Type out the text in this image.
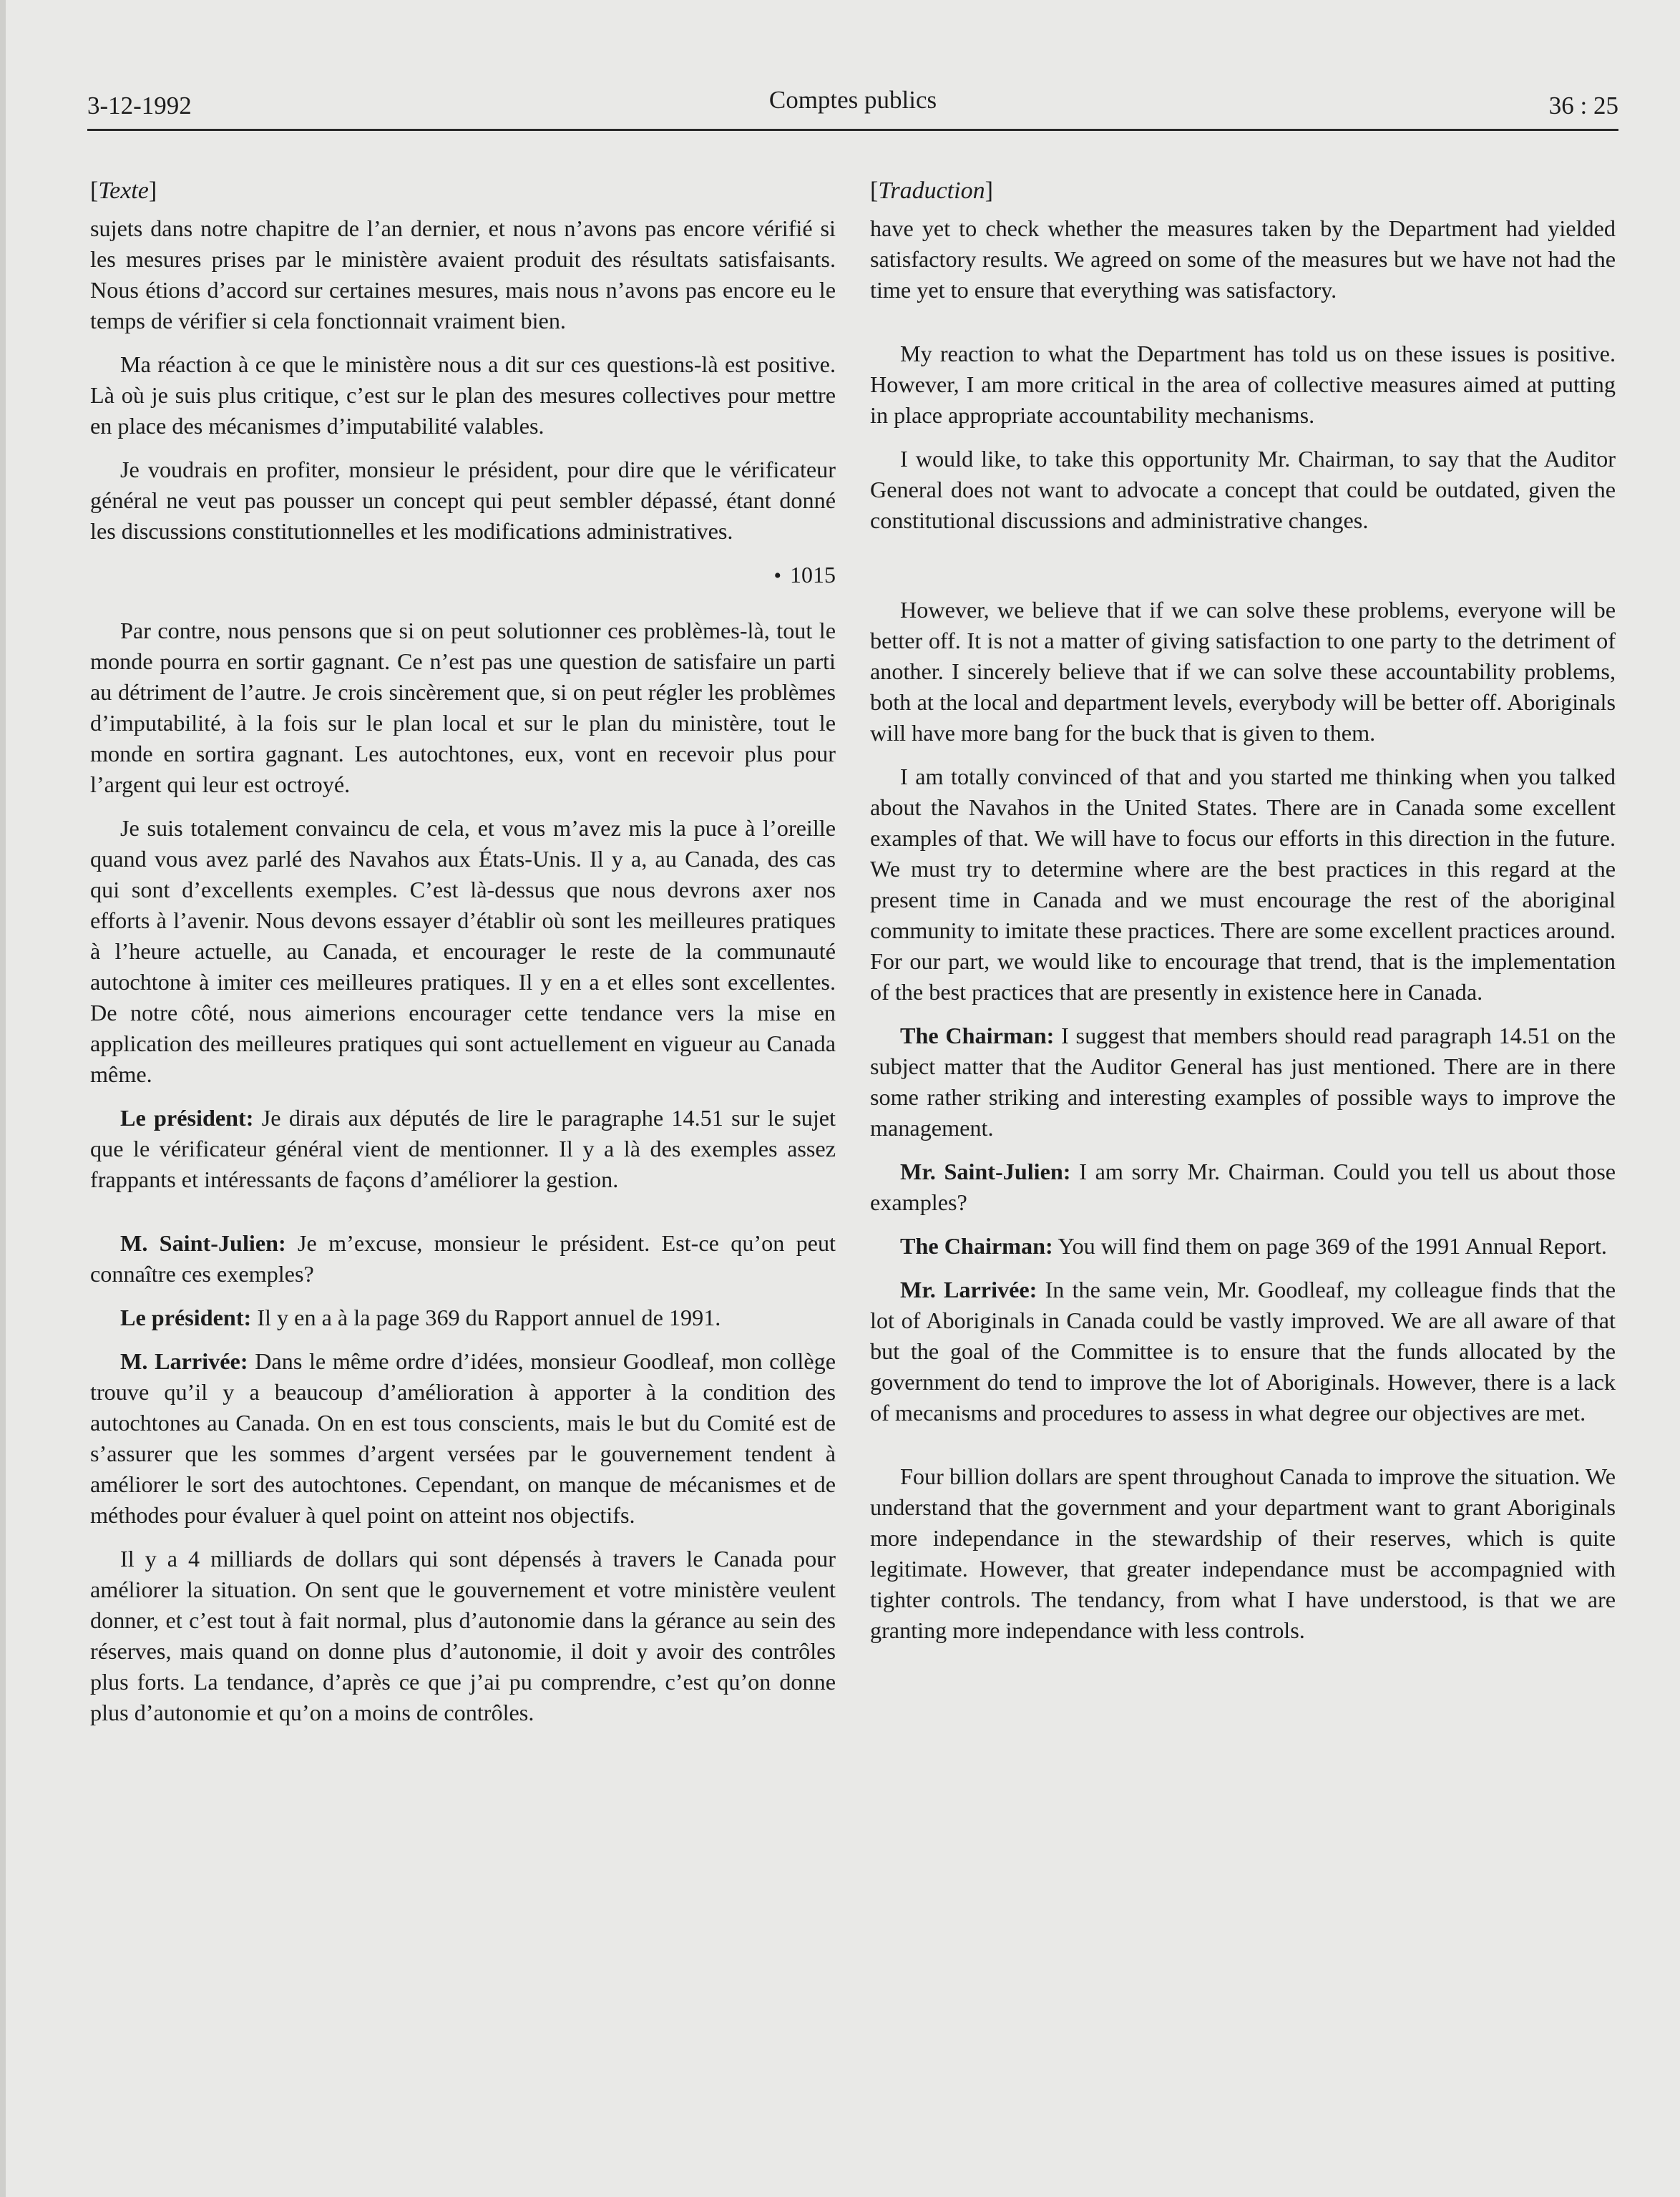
3-12-1992	Comptes publics	36 : 25
[Texte]

sujets dans notre chapitre de l’an dernier, et nous n’avons pas encore vérifié si les mesures prises par le ministère avaient produit des résultats satisfaisants. Nous étions d’accord sur certaines mesures, mais nous n’avons pas encore eu le temps de vérifier si cela fonctionnait vraiment bien.

Ma réaction à ce que le ministère nous a dit sur ces questions-là est positive. Là où je suis plus critique, c’est sur le plan des mesures collectives pour mettre en place des mécanismes d’imputabilité valables.

Je voudrais en profiter, monsieur le président, pour dire que le vérificateur général ne veut pas pousser un concept qui peut sembler dépassé, étant donné les discussions constitutionnelles et les modifications administratives.

• 1015

Par contre, nous pensons que si on peut solutionner ces problèmes-là, tout le monde pourra en sortir gagnant. Ce n’est pas une question de satisfaire un parti au détriment de l’autre. Je crois sincèrement que, si on peut régler les problèmes d’imputabilité, à la fois sur le plan local et sur le plan du ministère, tout le monde en sortira gagnant. Les autochtones, eux, vont en recevoir plus pour l’argent qui leur est octroyé.

Je suis totalement convaincu de cela, et vous m’avez mis la puce à l’oreille quand vous avez parlé des Navahos aux États-Unis. Il y a, au Canada, des cas qui sont d’excellents exemples. C’est là-dessus que nous devrons axer nos efforts à l’avenir. Nous devons essayer d’établir où sont les meilleures pratiques à l’heure actuelle, au Canada, et encourager le reste de la communauté autochtone à imiter ces meilleures pratiques. Il y en a et elles sont excellentes. De notre côté, nous aimerions encourager cette tendance vers la mise en application des meilleures pratiques qui sont actuellement en vigueur au Canada même.

Le président: Je dirais aux députés de lire le paragraphe 14.51 sur le sujet que le vérificateur général vient de mentionner. Il y a là des exemples assez frappants et intéressants de façons d’améliorer la gestion.

M. Saint-Julien: Je m’excuse, monsieur le président. Est-ce qu’on peut connaître ces exemples?

Le président: Il y en a à la page 369 du Rapport annuel de 1991.

M. Larrivée: Dans le même ordre d’idées, monsieur Goodleaf, mon collège trouve qu’il y a beaucoup d’amélioration à apporter à la condition des autochtones au Canada. On en est tous conscients, mais le but du Comité est de s’assurer que les sommes d’argent versées par le gouvernement tendent à améliorer le sort des autochtones. Cependant, on manque de mécanismes et de méthodes pour évaluer à quel point on atteint nos objectifs.

Il y a 4 milliards de dollars qui sont dépensés à travers le Canada pour améliorer la situation. On sent que le gouvernement et votre ministère veulent donner, et c’est tout à fait normal, plus d’autonomie dans la gérance au sein des réserves, mais quand on donne plus d’autonomie, il doit y avoir des contrôles plus forts. La tendance, d’après ce que j’ai pu comprendre, c’est qu’on donne plus d’autonomie et qu’on a moins de contrôles.

[Traduction]

have yet to check whether the measures taken by the Department had yielded satisfactory results. We agreed on some of the measures but we have not had the time yet to ensure that everything was satisfactory.

My reaction to what the Department has told us on these issues is positive. However, I am more critical in the area of collective measures aimed at putting in place appropriate accountability mechanisms.

I would like, to take this opportunity Mr. Chairman, to say that the Auditor General does not want to advocate a concept that could be outdated, given the constitutional discussions and administrative changes.

However, we believe that if we can solve these problems, everyone will be better off. It is not a matter of giving satisfaction to one party to the detriment of another. I sincerely believe that if we can solve these accountability problems, both at the local and department levels, everybody will be better off. Aboriginals will have more bang for the buck that is given to them.

I am totally convinced of that and you started me thinking when you talked about the Navahos in the United States. There are in Canada some excellent examples of that. We will have to focus our efforts in this direction in the future. We must try to determine where are the best practices in this regard at the present time in Canada and we must encourage the rest of the aboriginal community to imitate these practices. There are some excellent practices around. For our part, we would like to encourage that trend, that is the implementation of the best practices that are presently in existence here in Canada.

The Chairman: I suggest that members should read paragraph 14.51 on the subject matter that the Auditor General has just mentioned. There are in there some rather striking and interesting examples of possible ways to improve the management.

Mr. Saint-Julien: I am sorry Mr. Chairman. Could you tell us about those examples?

The Chairman: You will find them on page 369 of the 1991 Annual Report.

Mr. Larrivée: In the same vein, Mr. Goodleaf, my colleague finds that the lot of Aboriginals in Canada could be vastly improved. We are all aware of that but the goal of the Committee is to ensure that the funds allocated by the government do tend to improve the lot of Aboriginals. However, there is a lack of mecanisms and procedures to assess in what degree our objectives are met.

Four billion dollars are spent throughout Canada to improve the situation. We understand that the government and your department want to grant Aboriginals more independance in the stewardship of their reserves, which is quite legitimate. However, that greater independance must be accompagnied with tighter controls. The tendancy, from what I have understood, is that we are granting more independance with less controls.
